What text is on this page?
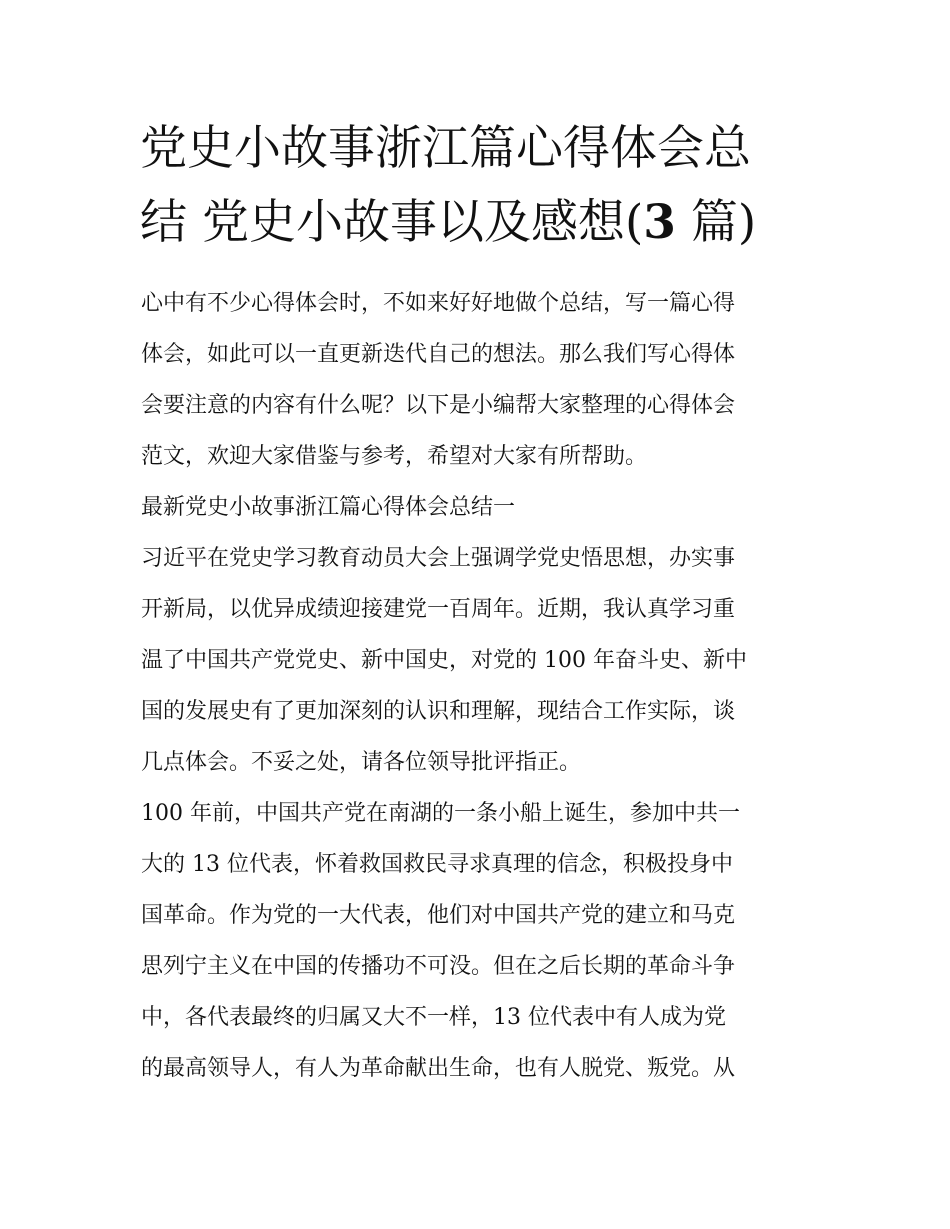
党史小故事浙江篇心得体会总
结 党史小故事以及感想(3 篇)
心中有不少心得体会时，不如来好好地做个总结，写一篇心得
体会，如此可以一直更新迭代自己的想法。那么我们写心得体
会要注意的内容有什么呢？以下是小编帮大家整理的心得体会
范文，欢迎大家借鉴与参考，希望对大家有所帮助。
最新党史小故事浙江篇心得体会总结一
习近平在党史学习教育动员大会上强调学党史悟思想，办实事
开新局，以优异成绩迎接建党一百周年。近期，我认真学习重
温了中国共产党党史、新中国史，对党的 100 年奋斗史、新中
国的发展史有了更加深刻的认识和理解，现结合工作实际，谈
几点体会。不妥之处，请各位领导批评指正。
100 年前，中国共产党在南湖的一条小船上诞生，参加中共一
大的 13 位代表，怀着救国救民寻求真理的信念，积极投身中
国革命。作为党的一大代表，他们对中国共产党的建立和马克
思列宁主义在中国的传播功不可没。但在之后长期的革命斗争
中，各代表最终的归属又大不一样，13 位代表中有人成为党
的最高领导人，有人为革命献出生命，也有人脱党、叛党。从
